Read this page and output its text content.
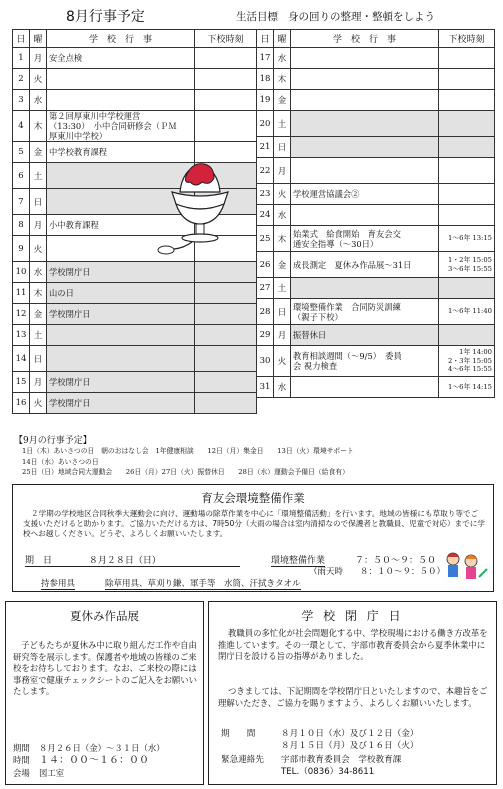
8月行事予定	生活目標 身の回りの整理・整頓をしよう
日	曜	学　校　行　事	下校時刻
1	月	安全点検	
2	火		
3	水		
4	木	第２回厚東川中学校運営
（13:30）　小中合同研修会（ＰＭ
厚東川中学校）	
5	金	中学校教育課程	
6	土		
7	日		
8	月	小中教育課程	
9	火		
10	水	学校閉庁日	
11	木	山の日	
12	金	学校閉庁日	
13	土		
14	日		
15	月	学校閉庁日	
16	火	学校閉庁日	
日	曜	学　校　行　事	下校時刻
17	水		
18	木		
19	金		
20	土		
21	日		
22	月		
23	火	学校運営協議会②	
24	水		
25	木	始業式　給食開始　育友会交
通安全指導（～30日）	1～6年 13:15
26	金	成長測定　夏休み作品展～31日	1・2年 15:05
3～6年 15:55
27	土		
28	日	環境整備作業　合同防災訓練
（親子下校）	1～6年 11:40
29	月	振替休日	
30	火	教育相談週間（～9/5）　委員
会 視力検査	1年 14:00
2・3年 15:05
4～6年 15:55
31	水		1～6年 14:15
【9月の行事予定】
1日（木）あいさつの日　朝のおはなし会　1年健康相談　　12日（月）集金日　　13日（火）環境サポート
14日（水）あいさつの日
25日（日）地域合同大運動会　　26日（月）27日（火）振替休日　　28日（水）運動会予備日（給食有）
育友会環境整備作業
２学期の学校地区合同秋季大運動会に向け、運動場の除草作業を中心に「環境整備活動」を行います。地域の皆様にも草取り等でご支援いただけると助かります。ご協力いただける方は、7時50分（大雨の場合は室内清掃なので保護者と教職員、児童で対応）までに学校へお越しください。どうぞ、よろしくお願いいたします。
期　日	８月２８日（日）	環境整備作業	７：５０～９：５０
（雨天時　　８：１０～９：５０）
持参用具	除草用具、草刈り鎌、軍手等　水筒、汗拭きタオル
夏休み作品展
子どもたちが夏休み中に取り組んだ工作や自由研究等を展示します。保護者や地域の皆様のご来校をお待ちしております。なお、ご来校の際には事務室で健康チェックシートのご記入をお願いいたします。
期間 ８月２６日（金）～３１日（水）
時間 １４：００～１６：００
会場 図工室
学 校 閉 庁 日
教職員の多忙化が社会問題化する中、学校現場における働き方改革を推進しています。その一環として、宇部市教育委員会から夏季休業中に閉庁日を設ける旨の指導がありました。
つきましては、下記期間を学校閉庁日といたしますので、本趣旨をご理解いただき、ご協力を賜りますよう、よろしくお願いいたします。
期　　間	８月１０日（水）及び１２日（金）
８月１５日（月）及び１６日（火）
緊急連絡先 宇部市教育委員会　学校教育課
TEL.（0836）34-8611
